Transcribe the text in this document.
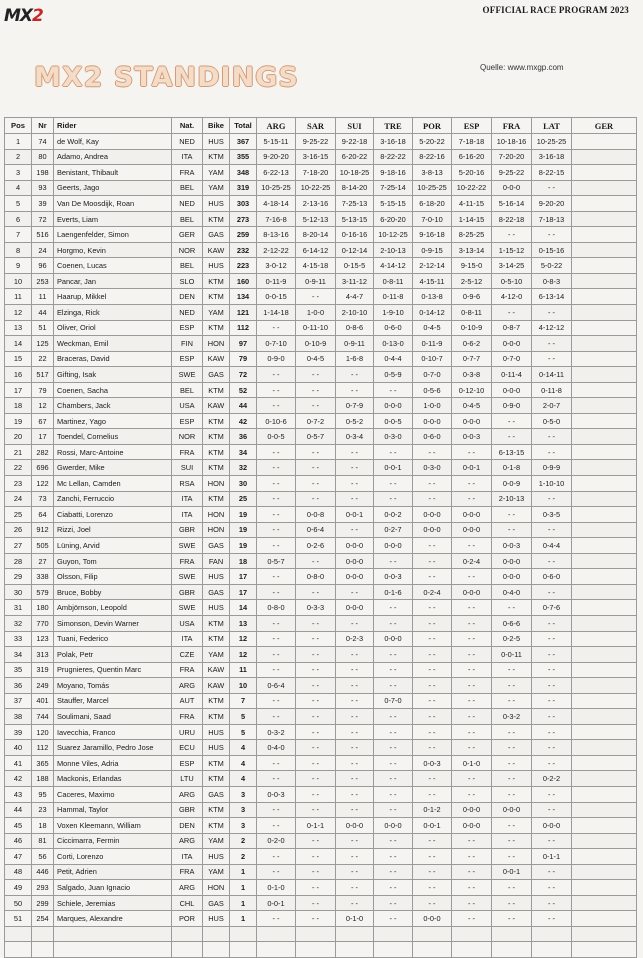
MX2	OFFICIAL RACE PROGRAM 2023
MX2 STANDINGS	Quelle: www.mxgp.com
Pos	Nr	Rider	Nat.	Bike	Total	ARG	SAR	SUI	TRE	POR	ESP	FRA	LAT	GER
1	74	de Wolf, Kay	NED	HUS	367	5-15-11	9-25-22	9-22-18	3-16-18	5-20-22	7-18-18	10-18-16	10-25-25	
2	80	Adamo, Andrea	ITA	KTM	355	9-20-20	3-16-15	6-20-22	8-22-22	8-22-16	6-16-20	7-20-20	3-16-18	
3	198	Benistant, Thibault	FRA	YAM	348	6-22-13	7-18-20	10-18-25	9-18-16	3-8-13	5-20-16	9-25-22	8-22-15	
4	93	Geerts, Jago	BEL	YAM	319	10-25-25	10-22-25	8-14-20	7-25-14	10-25-25	10-22-22	0-0-0	- -	
5	39	Van De Moosdijk, Roan	NED	HUS	303	4-18-14	2-13-16	7-25-13	5-15-15	6-18-20	4-11-15	5-16-14	9-20-20	
6	72	Everts, Liam	BEL	KTM	273	7-16-8	5-12-13	5-13-15	6-20-20	7-0-10	1-14-15	8-22-18	7-18-13	
7	516	Laengenfelder, Simon	GER	GAS	259	8-13-16	8-20-14	0-16-16	10-12-25	9-16-18	8-25-25	- -	- -	
8	24	Horgmo, Kevin	NOR	KAW	232	2-12-22	6-14-12	0-12-14	2-10-13	0-9-15	3-13-14	1-15-12	0-15-16	
9	96	Coenen, Lucas	BEL	HUS	223	3-0-12	4-15-18	0-15-5	4-14-12	2-12-14	9-15-0	3-14-25	5-0-22	
10	253	Pancar, Jan	SLO	KTM	160	0-11-9	0-9-11	3-11-12	0-8-11	4-15-11	2-5-12	0-5-10	0-8-3	
11	11	Haarup, Mikkel	DEN	KTM	134	0-0-15	- -	4-4-7	0-11-8	0-13-8	0-9-6	4-12-0	6-13-14	
12	44	Elzinga, Rick	NED	YAM	121	1-14-18	1-0-0	2-10-10	1-9-10	0-14-12	0-8-11	- -	- -	
13	51	Oliver, Oriol	ESP	KTM	112	- -	0-11-10	0-8-6	0-6-0	0-4-5	0-10-9	0-8-7	4-12-12	
14	125	Weckman, Emil	FIN	HON	97	0-7-10	0-10-9	0-9-11	0-13-0	0-11-9	0-6-2	0-0-0	- -	
15	22	Braceras, David	ESP	KAW	79	0-9-0	0-4-5	1-6-8	0-4-4	0-10-7	0-7-7	0-7-0	- -	
16	517	Gifting, Isak	SWE	GAS	72	- -	- -	- -	0-5-9	0-7-0	0-3-8	0-11-4	0-14-11	
17	79	Coenen, Sacha	BEL	KTM	52	- -	- -	- -	- -	0-5-6	0-12-10	0-0-0	0-11-8	
18	12	Chambers, Jack	USA	KAW	44	- -	- -	0-7-9	0-0-0	1-0-0	0-4-5	0-9-0	2-0-7	
19	67	Martinez, Yago	ESP	KTM	42	0-10-6	0-7-2	0-5-2	0-0-5	0-0-0	0-0-0	- -	0-5-0	
20	17	Toendel, Cornelius	NOR	KTM	36	0-0-5	0-5-7	0-3-4	0-3-0	0-6-0	0-0-3	- -	- -	
21	282	Rossi, Marc-Antoine	FRA	KTM	34	- -	- -	- -	- -	- -	- -	6-13-15	- -	
22	696	Gwerder, Mike	SUI	KTM	32	- -	- -	- -	0-0-1	0-3-0	0-0-1	0-1-8	0-9-9	
23	122	Mc Lellan, Camden	RSA	HON	30	- -	- -	- -	- -	- -	- -	0-0-9	1-10-10	
24	73	Zanchi, Ferruccio	ITA	KTM	25	- -	- -	- -	- -	- -	- -	2-10-13	- -	
25	64	Ciabatti, Lorenzo	ITA	HON	19	- -	0-0-8	0-0-1	0-0-2	0-0-0	0-0-0	- -	0-3-5	
26	912	Rizzi, Joel	GBR	HON	19	- -	0-6-4	- -	0-2-7	0-0-0	0-0-0	- -	- -	
27	505	Lüning, Arvid	SWE	GAS	19	- -	0-2-6	0-0-0	0-0-0	- -	- -	0-0-3	0-4-4	
28	27	Guyon, Tom	FRA	FAN	18	0-5-7	- -	0-0-0	- -	- -	0-2-4	0-0-0	- -	
29	338	Olsson, Filip	SWE	HUS	17	- -	0-8-0	0-0-0	0-0-3	- -	- -	0-0-0	0-6-0	
30	579	Bruce, Bobby	GBR	GAS	17	- -	- -	- -	0-1-6	0-2-4	0-0-0	0-4-0	- -	
31	180	Ambjörnson, Leopold	SWE	HUS	14	0-8-0	0-3-3	0-0-0	- -	- -	- -	- -	0-7-6	
32	770	Simonson, Devin Warner	USA	KTM	13	- -	- -	- -	- -	- -	- -	0-6-6	- -	
33	123	Tuani, Federico	ITA	KTM	12	- -	- -	0-2-3	0-0-0	- -	- -	0-2-5	- -	
34	313	Polak, Petr	CZE	YAM	12	- -	- -	- -	- -	- -	- -	0-0-11	- -	
35	319	Prugnieres, Quentin Marc	FRA	KAW	11	- -	- -	- -	- -	- -	- -	- -	- -	
36	249	Moyano, Tomás	ARG	KAW	10	0-6-4	- -	- -	- -	- -	- -	- -	- -	
37	401	Stauffer, Marcel	AUT	KTM	7	- -	- -	- -	0-7-0	- -	- -	- -	- -	
38	744	Soulimani, Saad	FRA	KTM	5	- -	- -	- -	- -	- -	- -	0-3-2	- -	
39	120	Iavecchia, Franco	URU	HUS	5	0-3-2	- -	- -	- -	- -	- -	- -	- -	
40	112	Suarez Jaramillo, Pedro Jose	ECU	HUS	4	0-4-0	- -	- -	- -	- -	- -	- -	- -	
41	365	Monne Viles, Adria	ESP	KTM	4	- -	- -	- -	- -	0-0-3	0-1-0	- -	- -	
42	188	Mackonis, Erlandas	LTU	KTM	4	- -	- -	- -	- -	- -	- -	- -	0-2-2	
43	95	Caceres, Maximo	ARG	GAS	3	0-0-3	- -	- -	- -	- -	- -	- -	- -	
44	23	Hammal, Taylor	GBR	KTM	3	- -	- -	- -	- -	0-1-2	0-0-0	0-0-0	- -	
45	18	Voxen Kleemann, William	DEN	KTM	3	- -	0-1-1	0-0-0	0-0-0	0-0-1	0-0-0	- -	0-0-0	
46	81	Ciccimarra, Fermin	ARG	YAM	2	0-2-0	- -	- -	- -	- -	- -	- -	- -	
47	56	Corti, Lorenzo	ITA	HUS	2	- -	- -	- -	- -	- -	- -	- -	0-1-1	
48	446	Petit, Adrien	FRA	YAM	1	- -	- -	- -	- -	- -	- -	0-0-1	- -	
49	293	Salgado, Juan Ignacio	ARG	HON	1	0-1-0	- -	- -	- -	- -	- -	- -	- -	
50	299	Schiele, Jeremias	CHL	GAS	1	0-0-1	- -	- -	- -	- -	- -	- -	- -	
51	254	Marques, Alexandre	POR	HUS	1	- -	- -	0-1-0	- -	0-0-0	- -	- -	- -	
